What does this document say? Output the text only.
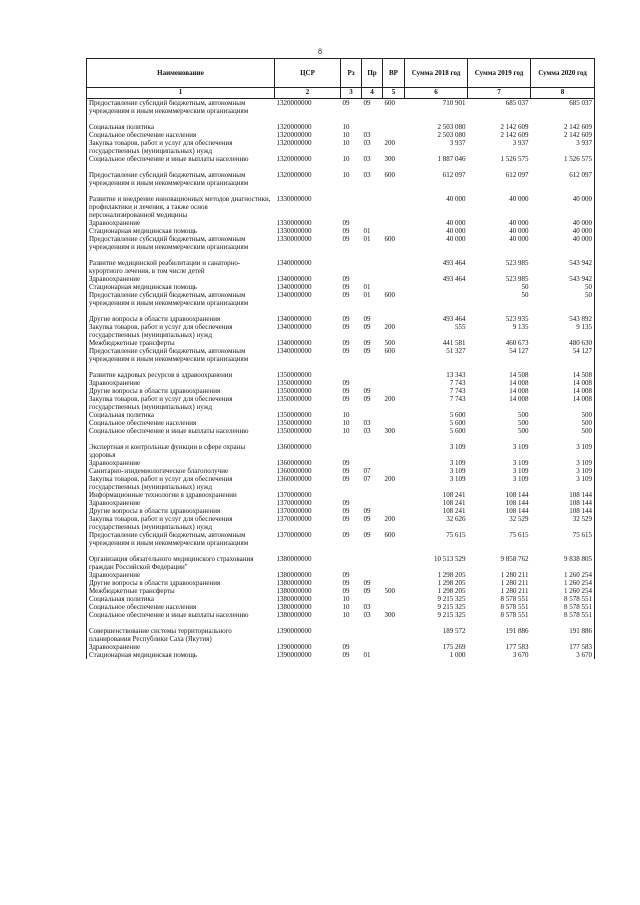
8
Наименование	ЦСР	Рз	Пр	ВР	Сумма 2018 год	Сумма 2019 год	Сумма 2020 год
1	2	3	4	5	6	7	8
Предоставление субсидий бюджетным, автономным учреждениям и иным некоммерческим организациям	1320000000	09	09	600	710 901	685 037	685 037

Социальная политика	1320000000	10			2 503 080	2 142 609	2 142 609
Социальное обеспечение населения	1320000000	10	03		2 503 080	2 142 609	2 142 609
Закупка товаров, работ и услуг для обеспечения государственных (муниципальных) нужд	1320000000	10	03	200	3 937	3 937	3 937
Социальное обеспечение и иные выплаты населению	1320000000	10	03	300	1 887 046	1 526 575	1 526 575

Предоставление субсидий бюджетным, автономным учреждениям и иным некоммерческим организациям	1320000000	10	03	600	612 097	612 097	612 097

Развитие и внедрение инновационных методов диагностики, профилактики и лечения, а также основ персонализированной медицины	1330000000				40 000	40 000	40 000
Здравоохранение	1330000000	09			40 000	40 000	40 000
Стационарная медицинская помощь	1330000000	09	01		40 000	40 000	40 000
Предоставление субсидий бюджетным, автономным учреждениям и иным некоммерческим организациям	1330000000	09	01	600	40 000	40 000	40 000

Развитие медицинской реабилитации и санаторно-курортного лечения, в том числе детей	1340000000				493 464	523 985	543 942
Здравоохранение	1340000000	09			493 464	523 985	543 942
Стационарная медицинская помощь	1340000000	09	01			50	50
Предоставление субсидий бюджетным, автономным учреждениям и иным некоммерческим организациям	1340000000	09	01	600		50	50

Другие вопросы в области здравоохранения	1340000000	09	09		493 464	523 935	543 892
Закупка товаров, работ и услуг для обеспечения государственных (муниципальных) нужд	1340000000	09	09	200	555	9 135	9 135
Межбюджетные трансферты	1340000000	09	09	500	441 581	460 673	480 630
Предоставление субсидий бюджетным, автономным учреждениям и иным некоммерческим организациям	1340000000	09	09	600	51 327	54 127	54 127

Развитие кадровых ресурсов в здравоохранении	1350000000				13 343	14 508	14 508
Здравоохранение	1350000000	09			7 743	14 008	14 008
Другие вопросы в области здравоохранения	1350000000	09	09		7 743	14 008	14 008
Закупка товаров, работ и услуг для обеспечения государственных (муниципальных) нужд	1350000000	09	09	200	7 743	14 008	14 008
Социальная политика	1350000000	10			5 600	500	500
Социальное обеспечение населения	1350000000	10	03		5 600	500	500
Социальное обеспечение и иные выплаты населению	1350000000	10	03	300	5 600	500	500

Экспертная и контрольные функции в сфере охраны здоровья	1360000000				3 109	3 109	3 109
Здравоохранение	1360000000	09			3 109	3 109	3 109
Санитарно-эпидемиологическое благополучие	1360000000	09	07		3 109	3 109	3 109
Закупка товаров, работ и услуг для обеспечения государственных (муниципальных) нужд	1360000000	09	07	200	3 109	3 109	3 109
Информационные технологии в здравоохранении	1370000000				108 241	108 144	108 144
Здравоохранение	1370000000	09			108 241	108 144	108 144
Другие вопросы в области здравоохранения	1370000000	09	09		108 241	108 144	108 144
Закупка товаров, работ и услуг для обеспечения государственных (муниципальных) нужд	1370000000	09	09	200	32 626	32 529	32 529
Предоставление субсидий бюджетным, автономным учреждениям и иным некоммерческим организациям	1370000000	09	09	600	75 615	75 615	75 615

Организация обязательного медицинского страхования граждан Российской Федерации"	1380000000				10 513 529	9 858 762	9 838 805
Здравоохранение	1380000000	09			1 298 205	1 280 211	1 260 254
Другие вопросы в области здравоохранения	1380000000	09	09		1 298 205	1 280 211	1 260 254
Межбюджетные трансферты	1380000000	09	09	500	1 298 205	1 280 211	1 260 254
Социальная политика	1380000000	10			9 215 325	8 578 551	8 578 551
Социальное обеспечение населения	1380000000	10	03		9 215 325	8 578 551	8 578 551
Социальное обеспечение и иные выплаты населению	1380000000	10	03	300	9 215 325	8 578 551	8 578 551

Совершенствование системы территориального планирования Республики Саха (Якутия)	1390000000				189 572	191 886	191 886
Здравоохранение	1390000000	09			175 269	177 583	177 583
Стационарная медицинская помощь	1390000000	09	01		1 000	3 670	3 670
